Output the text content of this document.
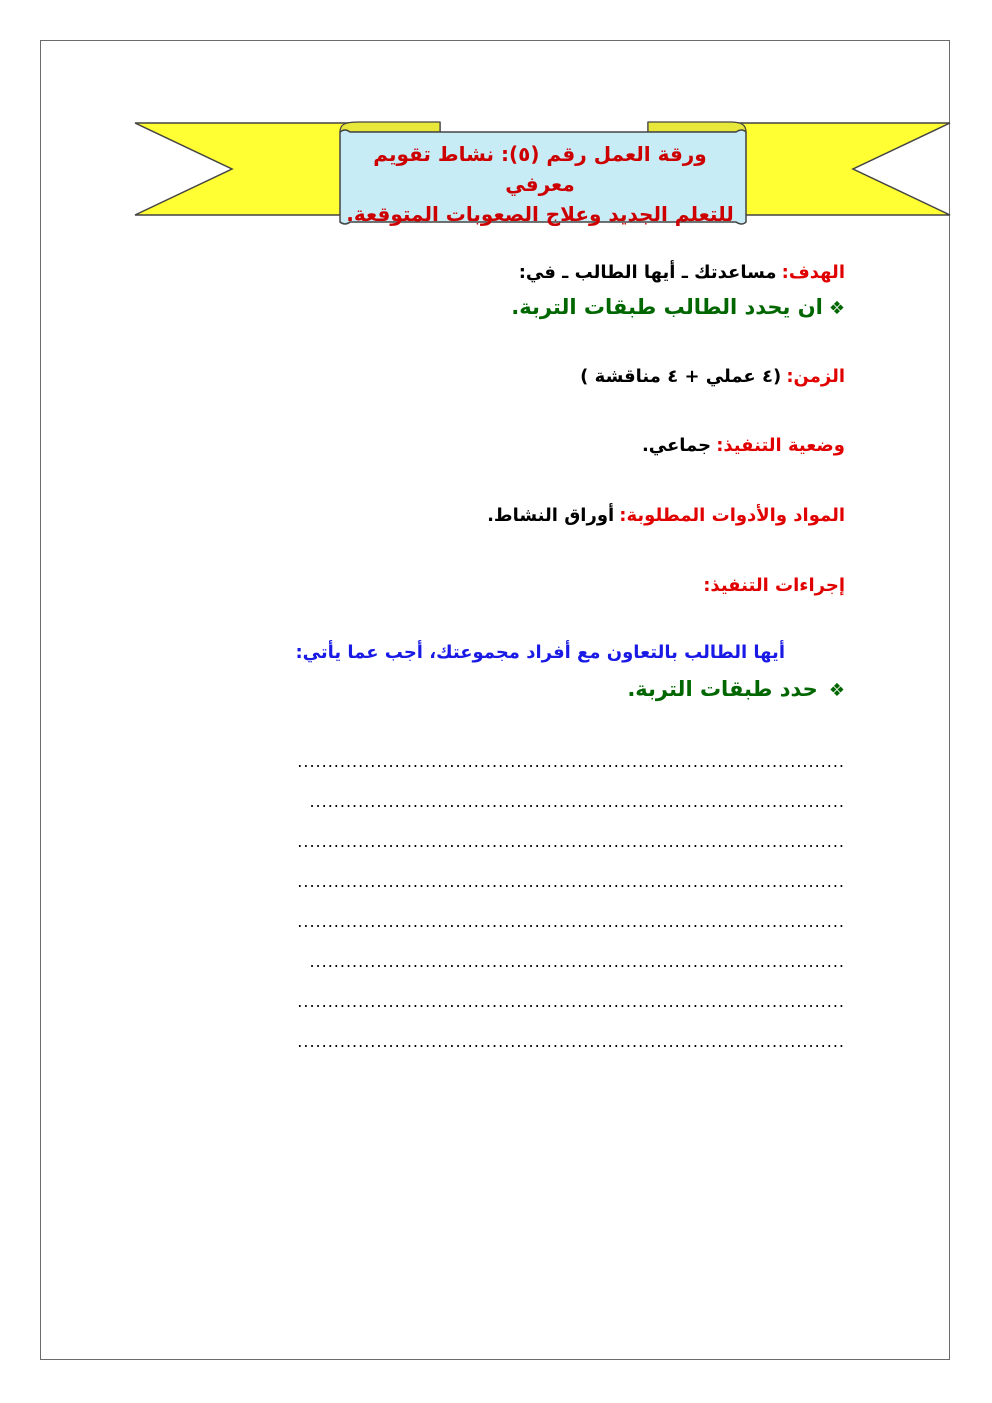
ورقة العمل رقم (٥): نشاط تقويم معرفي
للتعلم الجديد وعلاج الصعوبات المتوقعة.
الهدف: مساعدتك ـ أيها الطالب ـ في:
❖ان يحدد الطالب طبقات التربة.
الزمن: (٤ عملي + ٤ مناقشة )
وضعية التنفيذ: جماعي.
المواد والأدوات المطلوبة: أوراق النشاط.
إجراءات التنفيذ:
أيها الطالب بالتعاون مع أفراد مجموعتك، أجب عما يأتي:
❖ حدد طبقات التربة.
..........................................................................................
........................................................................................
..........................................................................................
..........................................................................................
..........................................................................................
........................................................................................
..........................................................................................
..........................................................................................
